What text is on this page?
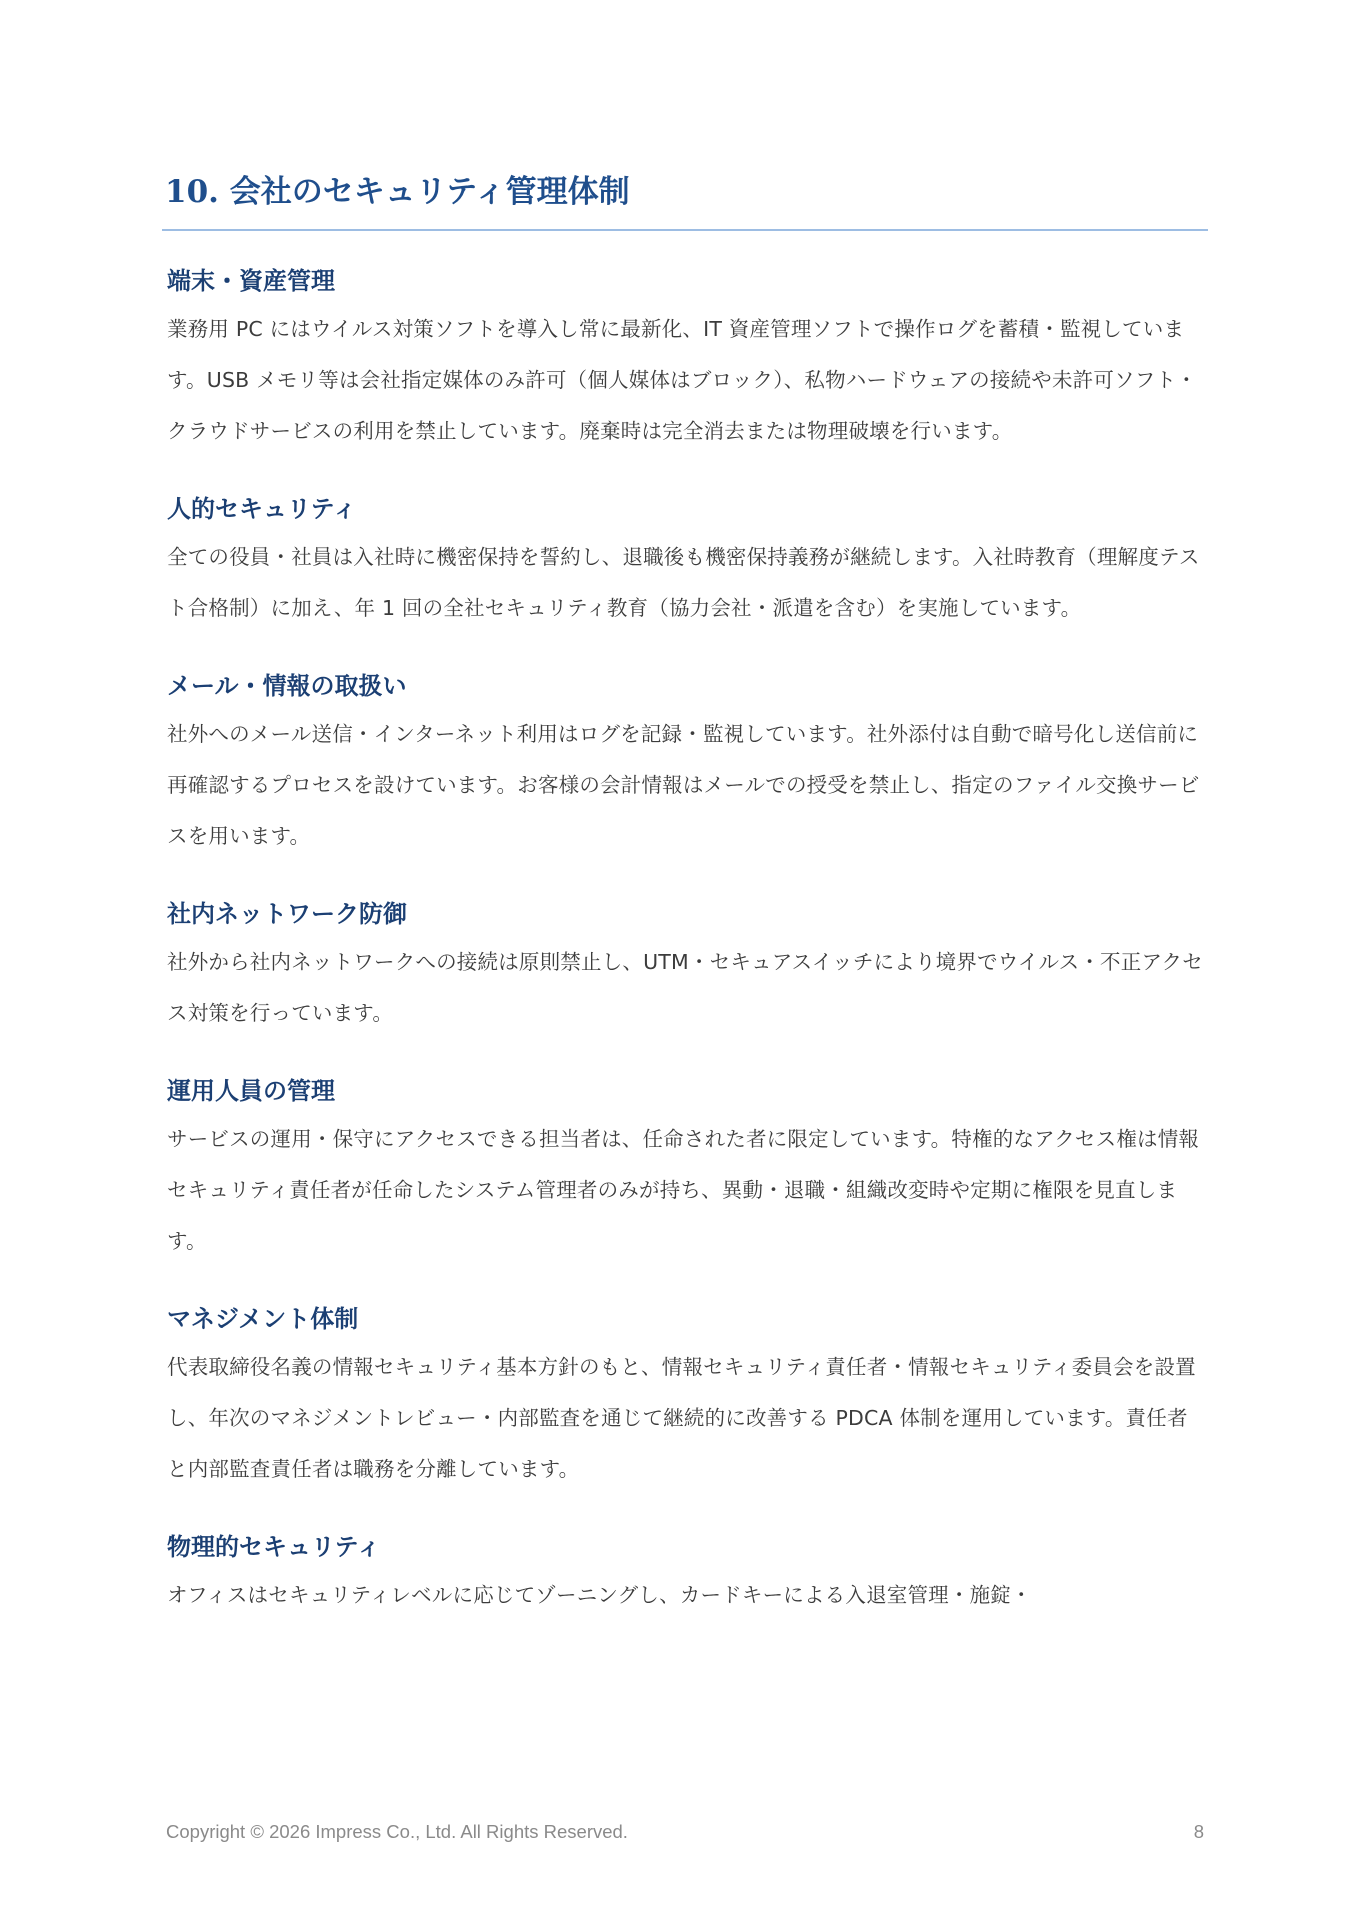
10. 会社のセキュリティ管理体制
端末・資産管理

業務用 PC にはウイルス対策ソフトを導入し常に最新化、IT 資産管理ソフトで操作ログを蓄積・監視しています。USB メモリ等は会社指定媒体のみ許可（個人媒体はブロック）、私物ハードウェアの接続や未許可ソフト・クラウドサービスの利用を禁止しています。廃棄時は完全消去または物理破壊を行います。

人的セキュリティ

全ての役員・社員は入社時に機密保持を誓約し、退職後も機密保持義務が継続します。入社時教育（理解度テスト合格制）に加え、年 1 回の全社セキュリティ教育（協力会社・派遣を含む）を実施しています。

メール・情報の取扱い

社外へのメール送信・インターネット利用はログを記録・監視しています。社外添付は自動で暗号化し送信前に再確認するプロセスを設けています。お客様の会計情報はメールでの授受を禁止し、指定のファイル交換サービスを用います。

社内ネットワーク防御

社外から社内ネットワークへの接続は原則禁止し、UTM・セキュアスイッチにより境界でウイルス・不正アクセス対策を行っています。

運用人員の管理

サービスの運用・保守にアクセスできる担当者は、任命された者に限定しています。特権的なアクセス権は情報セキュリティ責任者が任命したシステム管理者のみが持ち、異動・退職・組織改変時や定期に権限を見直します。

マネジメント体制

代表取締役名義の情報セキュリティ基本方針のもと、情報セキュリティ責任者・情報セキュリティ委員会を設置し、年次のマネジメントレビュー・内部監査を通じて継続的に改善する PDCA 体制を運用しています。責任者と内部監査責任者は職務を分離しています。

物理的セキュリティ

オフィスはセキュリティレベルに応じてゾーニングし、カードキーによる入退室管理・施錠・

Copyright © 2026 Impress Co., Ltd. All Rights Reserved.	8
